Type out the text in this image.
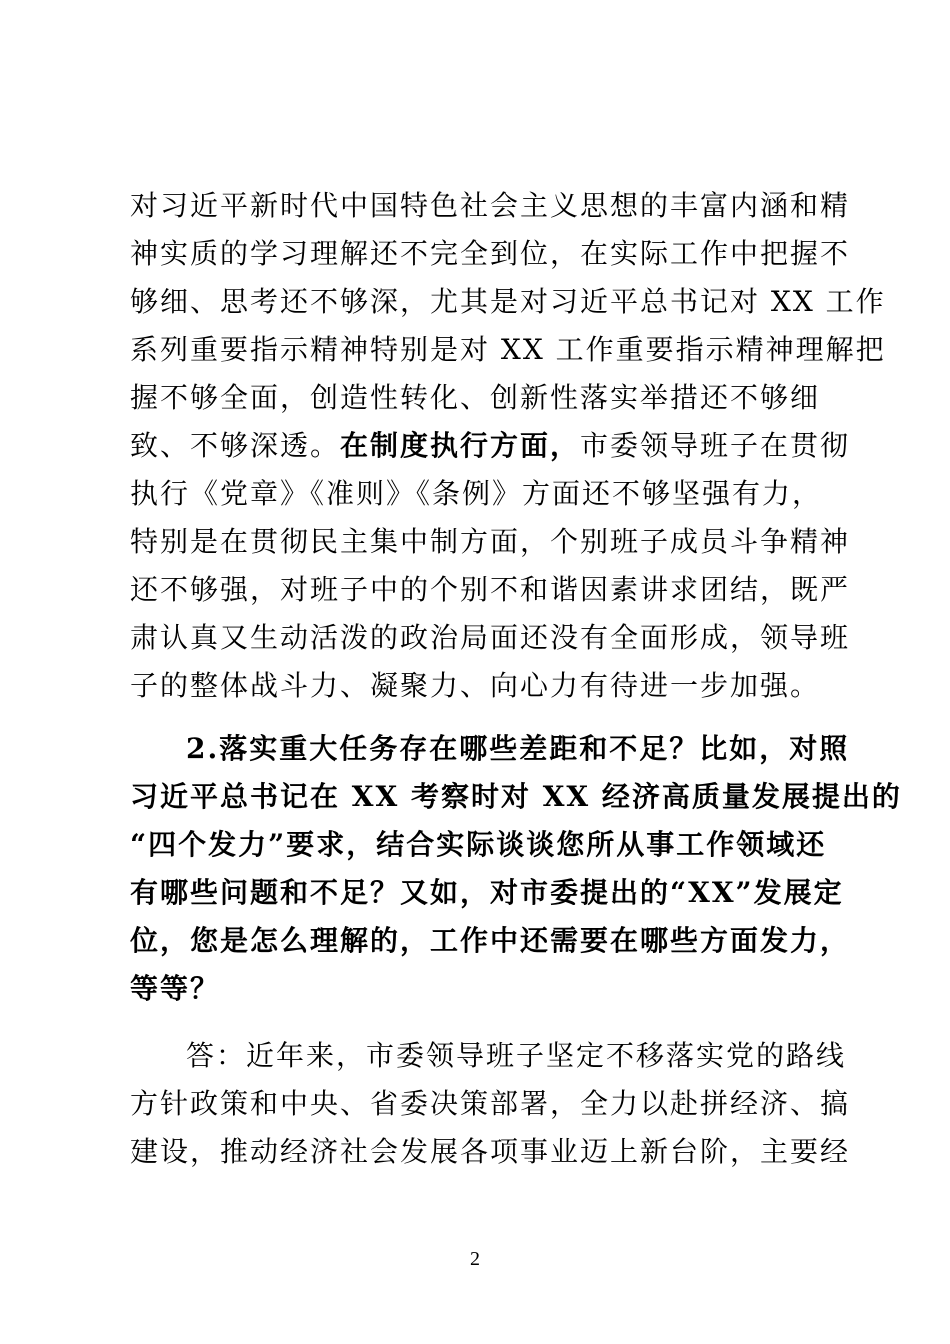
对习近平新时代中国特色社会主义思想的丰富内涵和精
神实质的学习理解还不完全到位，在实际工作中把握不
够细、思考还不够深，尤其是对习近平总书记对 XX 工作
系列重要指示精神特别是对 XX 工作重要指示精神理解把
握不够全面，创造性转化、创新性落实举措还不够细
致、不够深透。在制度执行方面，市委领导班子在贯彻
执行《党章》《准则》《条例》方面还不够坚强有力，
特别是在贯彻民主集中制方面，个别班子成员斗争精神
还不够强，对班子中的个别不和谐因素讲求团结，既严
肃认真又生动活泼的政治局面还没有全面形成，领导班
子的整体战斗力、凝聚力、向心力有待进一步加强。
2.落实重大任务存在哪些差距和不足？比如，对照
习近平总书记在 XX 考察时对 XX 经济高质量发展提出的
“四个发力”要求，结合实际谈谈您所从事工作领域还
有哪些问题和不足？又如，对市委提出的“XX”发展定
位，您是怎么理解的，工作中还需要在哪些方面发力，
等等？
答：近年来，市委领导班子坚定不移落实党的路线
方针政策和中央、省委决策部署，全力以赴拼经济、搞
建设，推动经济社会发展各项事业迈上新台阶，主要经
2
